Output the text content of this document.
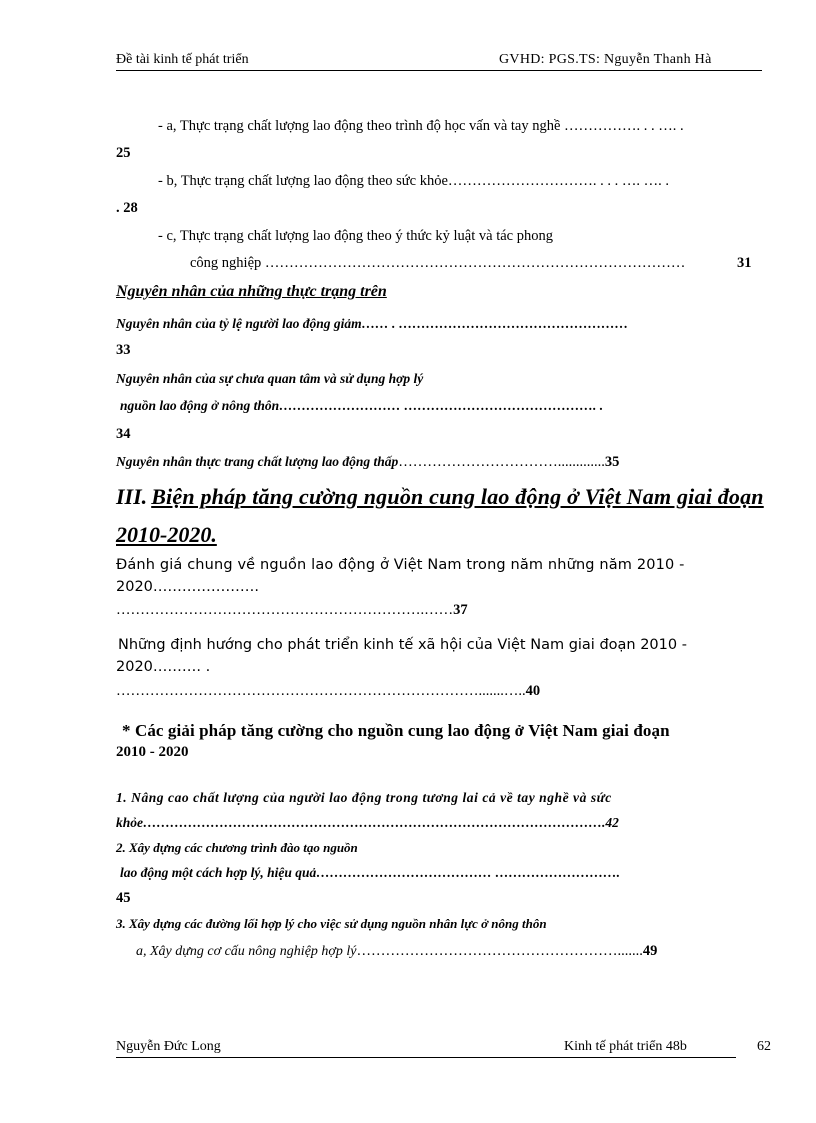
Đề tài kinh tế phát triển	GVHD: PGS.TS: Nguyễn Thanh Hà
- a, Thực trạng chất lượng lao động theo trình độ học vấn và tay nghề ……………. . . …. .
25
- b, Thực trạng chất lượng lao động theo sức khỏe…………………………. . . . …. …. .
. 28
- c, Thực trạng chất lượng lao động theo ý thức kỷ luật và tác phong
công nghiệp ……………………………………………………………………………	31
Nguyên nhân của những thực trạng trên
Nguyên nhân của tỷ lệ người lao động giảm…… . ……………………………………………
33
Nguyên nhân của sự chưa quan tâm và sử dụng hợp lý
nguồn lao động ở nông thôn……………………… ……………………………………. .
34
Nguyên nhân thực trang chất lượng lao động thấp…………………………….............35
III. Biện pháp tăng cường nguồn cung lao động ở Việt Nam giai đoạn
2010-2020.
Đánh giá chung về nguồn lao động ở Việt Nam trong năm những năm 2010 -
2020………………….
……………………………………………………….……37
Những định hướng cho phát triển kinh tế xã hội của Việt Nam giai đoạn 2010 -
2020………. .
………………………………………………………………….......…..40
* Các giải pháp tăng cường cho nguồn cung lao động ở Việt Nam giai đoạn
2010 - 2020
1. Nâng cao chất lượng của người lao động trong tương lai cả về tay nghề và sức
khỏe………………………………………………………………………………………….42
2. Xây dựng các chương trình đào tạo nguồn
lao động một cách hợp lý, hiệu quả………………………………… ……………………….
45
3. Xây dựng các đường lối hợp lý cho việc sử dụng nguồn nhân lực ở nông thôn
a, Xây dựng cơ cấu nông nghiệp hợp lý……………………………………………….......49
Nguyễn Đức Long	Kinh tế phát triển 48b	62
